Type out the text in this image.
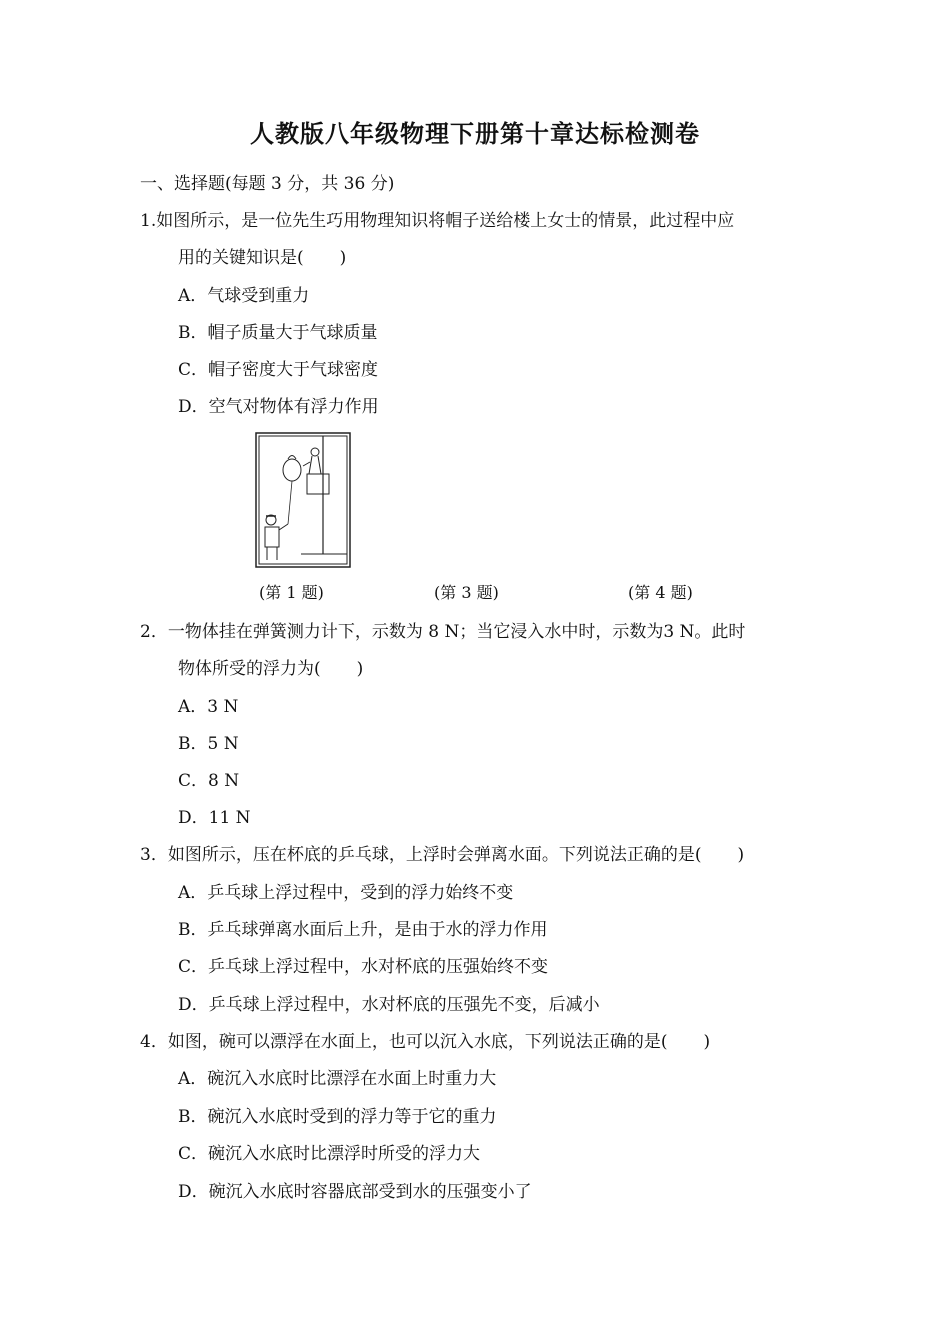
人教版八年级物理下册第十章达标检测卷
一、选择题(每题 3 分，共 36 分)
1.如图所示，是一位先生巧用物理知识将帽子送给楼上女士的情景，此过程中应
用的关键知识是( )
A．气球受到重力
B．帽子质量大于气球质量
C．帽子密度大于气球密度
D．空气对物体有浮力作用
(第 1 题)	(第 3 题)	(第 4 题)
2．一物体挂在弹簧测力计下，示数为 8 N；当它浸入水中时，示数为3 N。此时
物体所受的浮力为( )
A．3 N
B．5 N
C．8 N
D．11 N
3．如图所示，压在杯底的乒乓球，上浮时会弹离水面。下列说法正确的是( )
A．乒乓球上浮过程中，受到的浮力始终不变
B．乒乓球弹离水面后上升，是由于水的浮力作用
C．乒乓球上浮过程中，水对杯底的压强始终不变
D．乒乓球上浮过程中，水对杯底的压强先不变，后减小
4．如图，碗可以漂浮在水面上，也可以沉入水底，下列说法正确的是( )
A．碗沉入水底时比漂浮在水面上时重力大
B．碗沉入水底时受到的浮力等于它的重力
C．碗沉入水底时比漂浮时所受的浮力大
D．碗沉入水底时容器底部受到水的压强变小了
